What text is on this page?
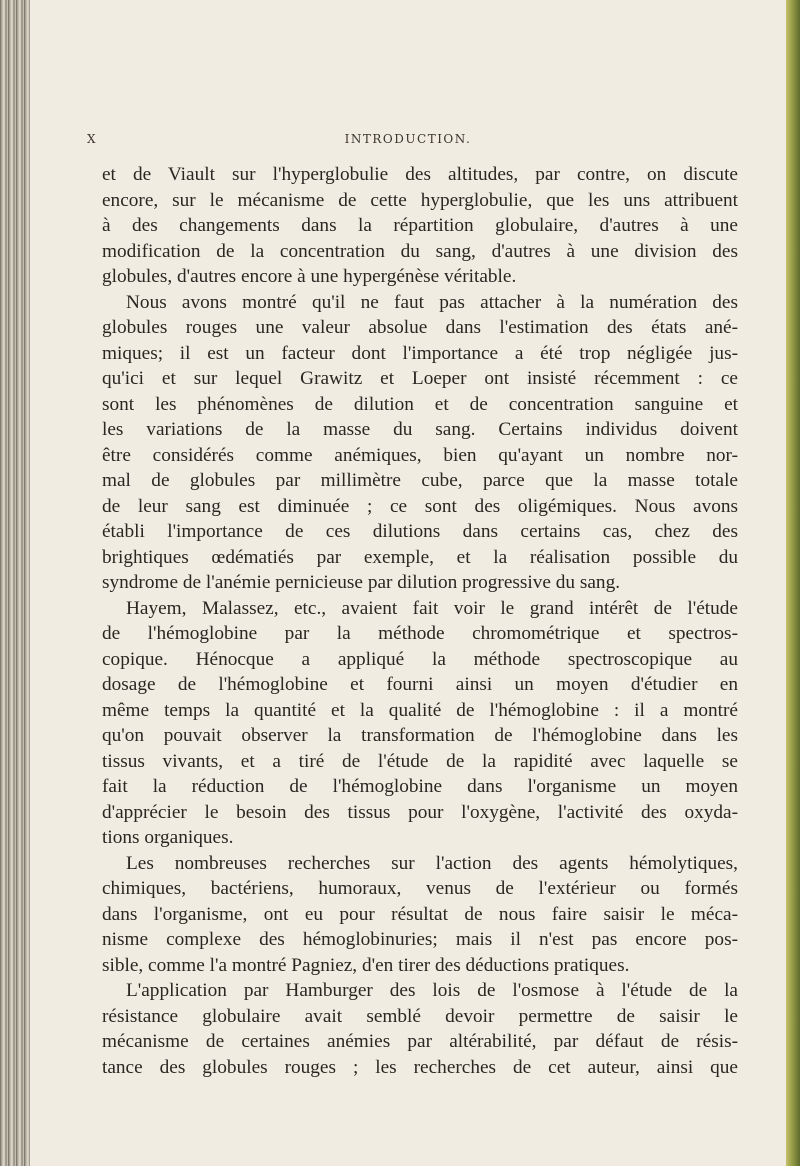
X	INTRODUCTION.
et de Viault sur l'hyperglobulie des altitudes, par contre, on discute
encore, sur le mécanisme de cette hyperglobulie, que les uns attribuent
à des changements dans la répartition globulaire, d'autres à une
modification de la concentration du sang, d'autres à une division des
globules, d'autres encore à une hypergénèse véritable.
Nous avons montré qu'il ne faut pas attacher à la numération des
globules rouges une valeur absolue dans l'estimation des états ané-
miques; il est un facteur dont l'importance a été trop négligée jus-
qu'ici et sur lequel Grawitz et Loeper ont insisté récemment : ce
sont les phénomènes de dilution et de concentration sanguine et
les variations de la masse du sang. Certains individus doivent
être considérés comme anémiques, bien qu'ayant un nombre nor-
mal de globules par millimètre cube, parce que la masse totale
de leur sang est diminuée ; ce sont des oligémiques. Nous avons
établi l'importance de ces dilutions dans certains cas, chez des
brightiques œdématiés par exemple, et la réalisation possible du
syndrome de l'anémie pernicieuse par dilution progressive du sang.
Hayem, Malassez, etc., avaient fait voir le grand intérêt de l'étude
de l'hémoglobine par la méthode chromométrique et spectros-
copique. Hénocque a appliqué la méthode spectroscopique au
dosage de l'hémoglobine et fourni ainsi un moyen d'étudier en
même temps la quantité et la qualité de l'hémoglobine : il a montré
qu'on pouvait observer la transformation de l'hémoglobine dans les
tissus vivants, et a tiré de l'étude de la rapidité avec laquelle se
fait la réduction de l'hémoglobine dans l'organisme un moyen
d'apprécier le besoin des tissus pour l'oxygène, l'activité des oxyda-
tions organiques.
Les nombreuses recherches sur l'action des agents hémolytiques,
chimiques, bactériens, humoraux, venus de l'extérieur ou formés
dans l'organisme, ont eu pour résultat de nous faire saisir le méca-
nisme complexe des hémoglobinuries; mais il n'est pas encore pos-
sible, comme l'a montré Pagniez, d'en tirer des déductions pratiques.
L'application par Hamburger des lois de l'osmose à l'étude de la
résistance globulaire avait semblé devoir permettre de saisir le
mécanisme de certaines anémies par altérabilité, par défaut de résis-
tance des globules rouges ; les recherches de cet auteur, ainsi que
